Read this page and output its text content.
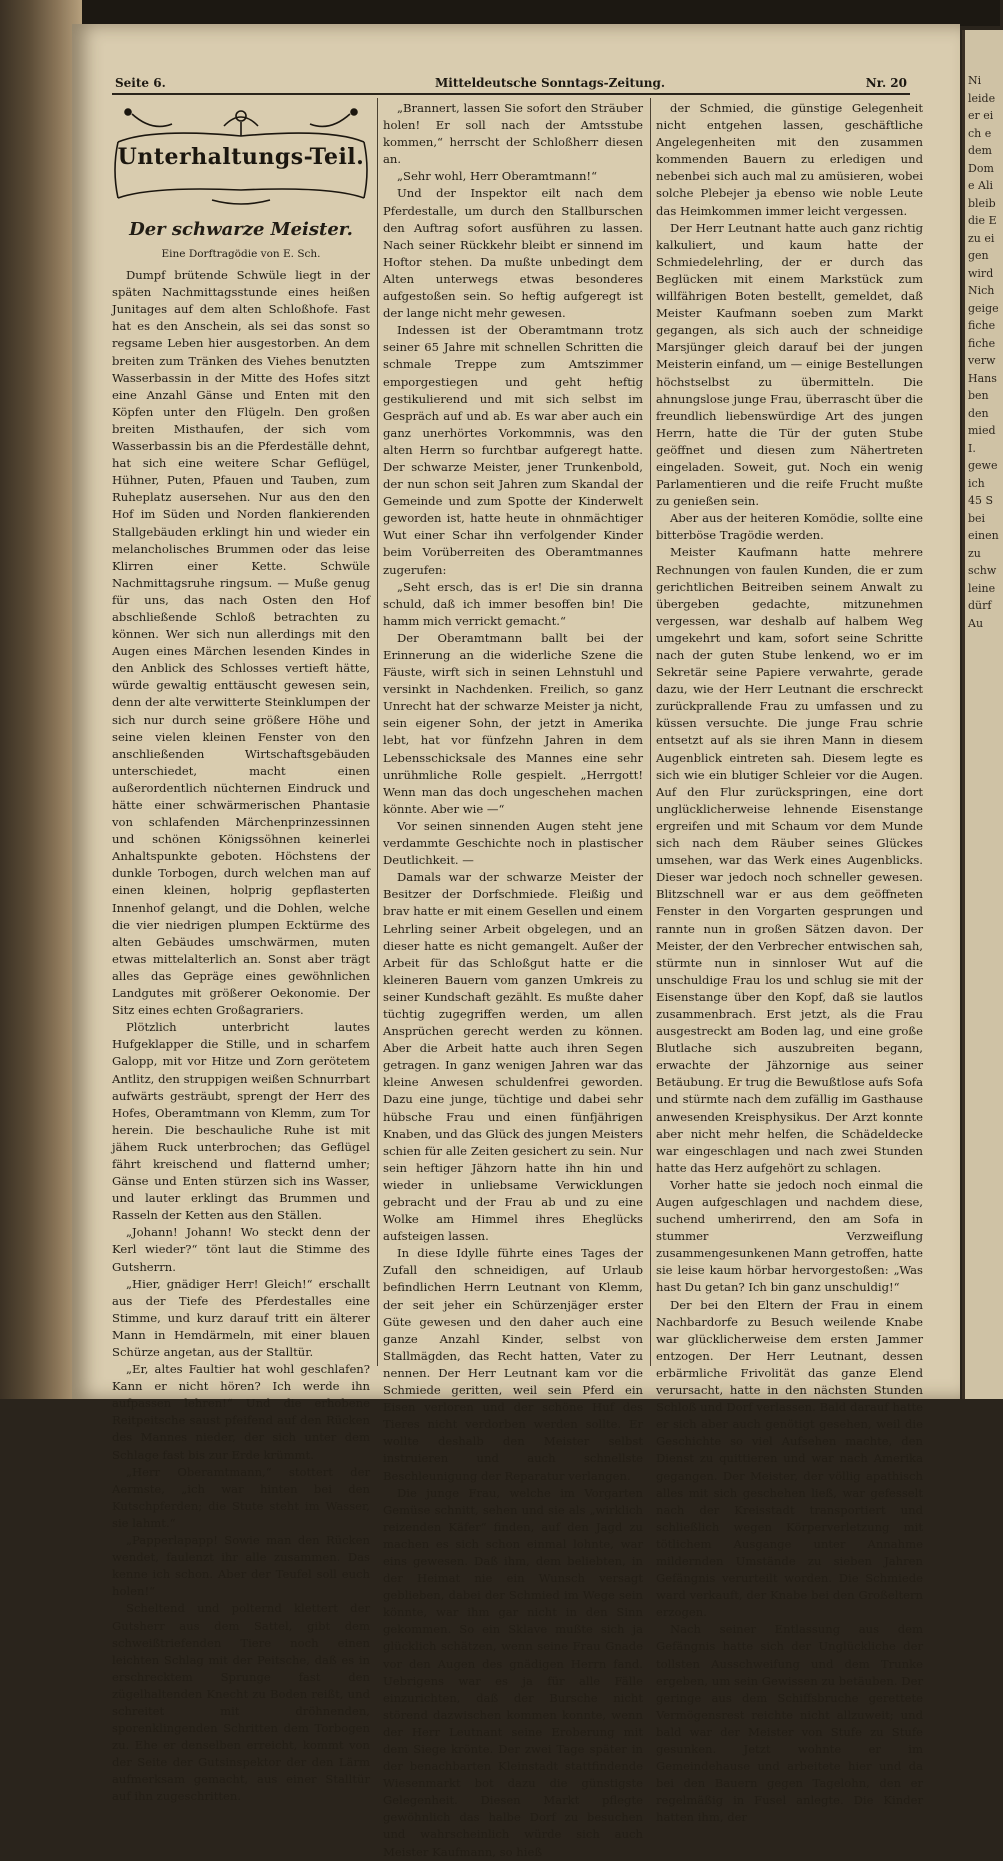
Ni
leide
er ei
ch e
dem
Dom
e Ali
bleib
die E
zu ei
gen
wird
Nich
geige
fiche
fiche
verw
Hans
ben
den
mied
I.
gewe
ich
45 S
bei
einen
zu
schw
leine
dürf
Au
Seite 6.	Mitteldeutsche Sonntags-Zeitung.	Nr. 20
Unterhaltungs-Teil.

Der schwarze Meister.

Eine Dorftragödie von E. Sch.

Dumpf brütende Schwüle liegt in der späten Nachmittagsstunde eines heißen Junitages auf dem alten Schloßhofe. Fast hat es den Anschein, als sei das sonst so regsame Leben hier ausgestorben. An dem breiten zum Tränken des Viehes benutzten Wasserbassin in der Mitte des Hofes sitzt eine Anzahl Gänse und Enten mit den Köpfen unter den Flügeln. Den großen breiten Misthaufen, der sich vom Wasserbassin bis an die Pferdeställe dehnt, hat sich eine weitere Schar Geflügel, Hühner, Puten, Pfauen und Tauben, zum Ruheplatz ausersehen. Nur aus den den Hof im Süden und Norden flankierenden Stallgebäuden erklingt hin und wieder ein melancholisches Brummen oder das leise Klirren einer Kette. Schwüle Nachmittagsruhe ringsum. — Muße genug für uns, das nach Osten den Hof abschließende Schloß betrachten zu können. Wer sich nun allerdings mit den Augen eines Märchen lesenden Kindes in den Anblick des Schlosses vertieft hätte, würde gewaltig enttäuscht gewesen sein, denn der alte verwitterte Steinklumpen der sich nur durch seine größere Höhe und seine vielen kleinen Fenster von den anschließenden Wirtschaftsgebäuden unterschiedet, macht einen außerordentlich nüchternen Eindruck und hätte einer schwärmerischen Phantasie von schlafenden Märchenprinzessinnen und schönen Königssöhnen keinerlei Anhaltspunkte geboten. Höchstens der dunkle Torbogen, durch welchen man auf einen kleinen, holprig gepflasterten Innenhof gelangt, und die Dohlen, welche die vier niedrigen plumpen Ecktürme des alten Gebäudes umschwärmen, muten etwas mittelalterlich an. Sonst aber trägt alles das Gepräge eines gewöhnlichen Landgutes mit größerer Oekonomie. Der Sitz eines echten Großagrariers.

Plötzlich unterbricht lautes Hufgeklapper die Stille, und in scharfem Galopp, mit vor Hitze und Zorn gerötetem Antlitz, den struppigen weißen Schnurrbart aufwärts gesträubt, sprengt der Herr des Hofes, Oberamtmann von Klemm, zum Tor herein. Die beschauliche Ruhe ist mit jähem Ruck unterbrochen; das Geflügel fährt kreischend und flatternd umher; Gänse und Enten stürzen sich ins Wasser, und lauter erklingt das Brummen und Rasseln der Ketten aus den Ställen.

„Johann! Johann! Wo steckt denn der Kerl wieder?“ tönt laut die Stimme des Gutsherrn.

„Hier, gnädiger Herr! Gleich!“ erschallt aus der Tiefe des Pferdestalles eine Stimme, und kurz darauf tritt ein älterer Mann in Hemdärmeln, mit einer blauen Schürze angetan, aus der Stalltür.

„Er, altes Faultier hat wohl geschlafen? Kann er nicht hören? Ich werde ihn aufpassen lehren!“ Und die erhobene Reitpeitsche saust pfeifend auf den Rücken des Mannes nieder, der sich unter dem Schlage fast bis zur Erde krümmt.

„Herr Oberamtmann,“ stottert der Aermste, „ich war hinten bei den Kutschpferden; die Stute steht im Wasser, sie lahmt.“

„Papperlapapp! Sowie man den Rücken wendet, faulenzt ihr alle zusammen. Das kenne ich schon. Aber der Teufel soll euch holen!“

Scheltend und polternd klettert der Gutsherr aus dem Sattel, gibt dem schweißtriefenden Tiere noch einen leichten Schlag mit der Peitsche, daß es in erschrecktem Sprunge fast den zügelhaltenden Knecht zu Boden reißt, und schreitet mit dröhnenden, sporenklingenden Schritten dem Torbogen zu. Ehe er denselben erreicht, kommt von der Seite der Gutsinspektor der den Lärm aufmerksam gemacht, aus einer Stalltür auf ihn zugeschritten.

„Brannert, lassen Sie sofort den Sträuber holen! Er soll nach der Amtsstube kommen,“ herrscht der Schloßherr diesen an.

„Sehr wohl, Herr Oberamtmann!“

Und der Inspektor eilt nach dem Pferdestalle, um durch den Stallburschen den Auftrag sofort ausführen zu lassen. Nach seiner Rückkehr bleibt er sinnend im Hoftor stehen. Da mußte unbedingt dem Alten unterwegs etwas besonderes aufgestoßen sein. So heftig aufgeregt ist der lange nicht mehr gewesen.

Indessen ist der Oberamtmann trotz seiner 65 Jahre mit schnellen Schritten die schmale Treppe zum Amtszimmer emporgestiegen und geht heftig gestikulierend und mit sich selbst im Gespräch auf und ab. Es war aber auch ein ganz unerhörtes Vorkommnis, was den alten Herrn so furchtbar aufgeregt hatte. Der schwarze Meister, jener Trunkenbold, der nun schon seit Jahren zum Skandal der Gemeinde und zum Spotte der Kinderwelt geworden ist, hatte heute in ohnmächtiger Wut einer Schar ihn verfolgender Kinder beim Vorüberreiten des Oberamtmannes zugerufen:

„Seht ersch, das is er! Die sin dranna schuld, daß ich immer besoffen bin! Die hamm mich verrickt gemacht.“

Der Oberamtmann ballt bei der Erinnerung an die widerliche Szene die Fäuste, wirft sich in seinen Lehnstuhl und versinkt in Nachdenken. Freilich, so ganz Unrecht hat der schwarze Meister ja nicht, sein eigener Sohn, der jetzt in Amerika lebt, hat vor fünfzehn Jahren in dem Lebensschicksale des Mannes eine sehr unrühmliche Rolle gespielt. „Herrgott! Wenn man das doch ungeschehen machen könnte. Aber wie —“

Vor seinen sinnenden Augen steht jene verdammte Geschichte noch in plastischer Deutlichkeit. —

Damals war der schwarze Meister der Besitzer der Dorfschmiede. Fleißig und brav hatte er mit einem Gesellen und einem Lehrling seiner Arbeit obgelegen, und an dieser hatte es nicht gemangelt. Außer der Arbeit für das Schloßgut hatte er die kleineren Bauern vom ganzen Umkreis zu seiner Kundschaft gezählt. Es mußte daher tüchtig zugegriffen werden, um allen Ansprüchen gerecht werden zu können. Aber die Arbeit hatte auch ihren Segen getragen. In ganz wenigen Jahren war das kleine Anwesen schuldenfrei geworden. Dazu eine junge, tüchtige und dabei sehr hübsche Frau und einen fünfjährigen Knaben, und das Glück des jungen Meisters schien für alle Zeiten gesichert zu sein. Nur sein heftiger Jähzorn hatte ihn hin und wieder in unliebsame Verwicklungen gebracht und der Frau ab und zu eine Wolke am Himmel ihres Eheglücks aufsteigen lassen.

In diese Idylle führte eines Tages der Zufall den schneidigen, auf Urlaub befindlichen Herrn Leutnant von Klemm, der seit jeher ein Schürzenjäger erster Güte gewesen und den daher auch eine ganze Anzahl Kinder, selbst von Stallmägden, das Recht hatten, Vater zu nennen. Der Herr Leutnant kam vor die Schmiede geritten, weil sein Pferd ein Eisen verloren und der schöne Huf des Tieres nicht verdorben werden sollte. Er wollte deshalb den Meister selbst instruieren und auch schnellste Beschleunigung der Reparatur verlangen.

Die junge Frau, welche im Vorgarten Gemüse schnitt, sehen und sie als „wirklich reizenden Käfer“ finden, auf den Jagd zu machen es sich schon einmal lohnte, war eins gewesen. Daß ihm, dem beliebten, in der Heimat nie ein Wunsch versagt geblieben, dabei der Schmied im Wege sein könnte, war ihm gar nicht in den Sinn gekommen. So ein Sklave mußte sich ja glücklich schätzen, wenn seine Frau Gnade vor den Augen des gnädigen Herrn fand. Uebrigens war es ja für alle Fälle einzurichten, daß der Bursche nicht störend dazwischen kommen konnte, wenn der Herr Leutnant seine Eroberung mit dem Siege krönte. Der zwei Tage später in der benachbarten Kleinstadt stattfindende Wiesenmarkt bot dazu die günstigste Gelegenheit. Diesen Markt pflegte gewöhnlich das halbe Dorf zu besuchen und wahrscheinlich würde sich auch Meister Kaufmann, so hieß

der Schmied, die günstige Gelegenheit nicht entgehen lassen, geschäftliche Angelegenheiten mit den zusammen kommenden Bauern zu erledigen und nebenbei sich auch mal zu amüsieren, wobei solche Plebejer ja ebenso wie noble Leute das Heimkommen immer leicht vergessen.

Der Herr Leutnant hatte auch ganz richtig kalkuliert, und kaum hatte der Schmiedelehrling, der er durch das Beglücken mit einem Markstück zum willfährigen Boten bestellt, gemeldet, daß Meister Kaufmann soeben zum Markt gegangen, als sich auch der schneidige Marsjünger gleich darauf bei der jungen Meisterin einfand, um — einige Bestellungen höchstselbst zu übermitteln. Die ahnungslose junge Frau, überrascht über die freundlich liebenswürdige Art des jungen Herrn, hatte die Tür der guten Stube geöffnet und diesen zum Nähertreten eingeladen. Soweit, gut. Noch ein wenig Parlamentieren und die reife Frucht mußte zu genießen sein.

Aber aus der heiteren Komödie, sollte eine bitterböse Tragödie werden.

Meister Kaufmann hatte mehrere Rechnungen von faulen Kunden, die er zum gerichtlichen Beitreiben seinem Anwalt zu übergeben gedachte, mitzunehmen vergessen, war deshalb auf halbem Weg umgekehrt und kam, sofort seine Schritte nach der guten Stube lenkend, wo er im Sekretär seine Papiere verwahrte, gerade dazu, wie der Herr Leutnant die erschreckt zurückprallende Frau zu umfassen und zu küssen versuchte. Die junge Frau schrie entsetzt auf als sie ihren Mann in diesem Augenblick eintreten sah. Diesem legte es sich wie ein blutiger Schleier vor die Augen. Auf den Flur zurückspringen, eine dort unglücklicherweise lehnende Eisenstange ergreifen und mit Schaum vor dem Munde sich nach dem Räuber seines Glückes umsehen, war das Werk eines Augenblicks. Dieser war jedoch noch schneller gewesen. Blitzschnell war er aus dem geöffneten Fenster in den Vorgarten gesprungen und rannte nun in großen Sätzen davon. Der Meister, der den Verbrecher entwischen sah, stürmte nun in sinnloser Wut auf die unschuldige Frau los und schlug sie mit der Eisenstange über den Kopf, daß sie lautlos zusammenbrach. Erst jetzt, als die Frau ausgestreckt am Boden lag, und eine große Blutlache sich auszubreiten begann, erwachte der Jähzornige aus seiner Betäubung. Er trug die Bewußtlose aufs Sofa und stürmte nach dem zufällig im Gasthause anwesenden Kreisphysikus. Der Arzt konnte aber nicht mehr helfen, die Schädeldecke war eingeschlagen und nach zwei Stunden hatte das Herz aufgehört zu schlagen.

Vorher hatte sie jedoch noch einmal die Augen aufgeschlagen und nachdem diese, suchend umherirrend, den am Sofa in stummer Verzweiflung zusammengesunkenen Mann getroffen, hatte sie leise kaum hörbar hervorgestoßen: „Was hast Du getan? Ich bin ganz unschuldig!“

Der bei den Eltern der Frau in einem Nachbardorfe zu Besuch weilende Knabe war glücklicherweise dem ersten Jammer entzogen. Der Herr Leutnant, dessen erbärmliche Frivolität das ganze Elend verursacht, hatte in den nächsten Stunden Schloß und Dorf verlassen. Bald darauf hatte er sich aber auch genötigt gesehen, weil die Geschichte so viel Aufsehen machte, den Dienst zu quittieren und war nach Amerika gegangen. Der Meister, der völlig apathisch alles mit sich geschehen ließ, war gefesselt nach der Kreisstadt transportiert und schließlich wegen Körperverletzung mit tötlichem Ausgange unter Annahme mildernden Umstände zu sieben Jahren Gefängnis verurteilt worden. Die Schmiede ward verkauft, der Knabe bei den Großeltern erzogen.

Nach seiner Entlassung aus dem Gefängnis hatte sich der Unglückliche der tollsten Ausschweifung und dem Trunke ergeben, um sein Gewissen zu betäuben. Der geringe aus dem Schiffsbruche gerettete Vermögensrest reichte nicht allzuweit; und bald war der Meister von Stufe zu Stufe gesunken. Jetzt wohnte er im Gemeindehause und arbeitete hier und da bei den Bauern gegen Tagelohn, den er regelmäßig in Fusel anlegte. Die Kinder hatten ihm, der
